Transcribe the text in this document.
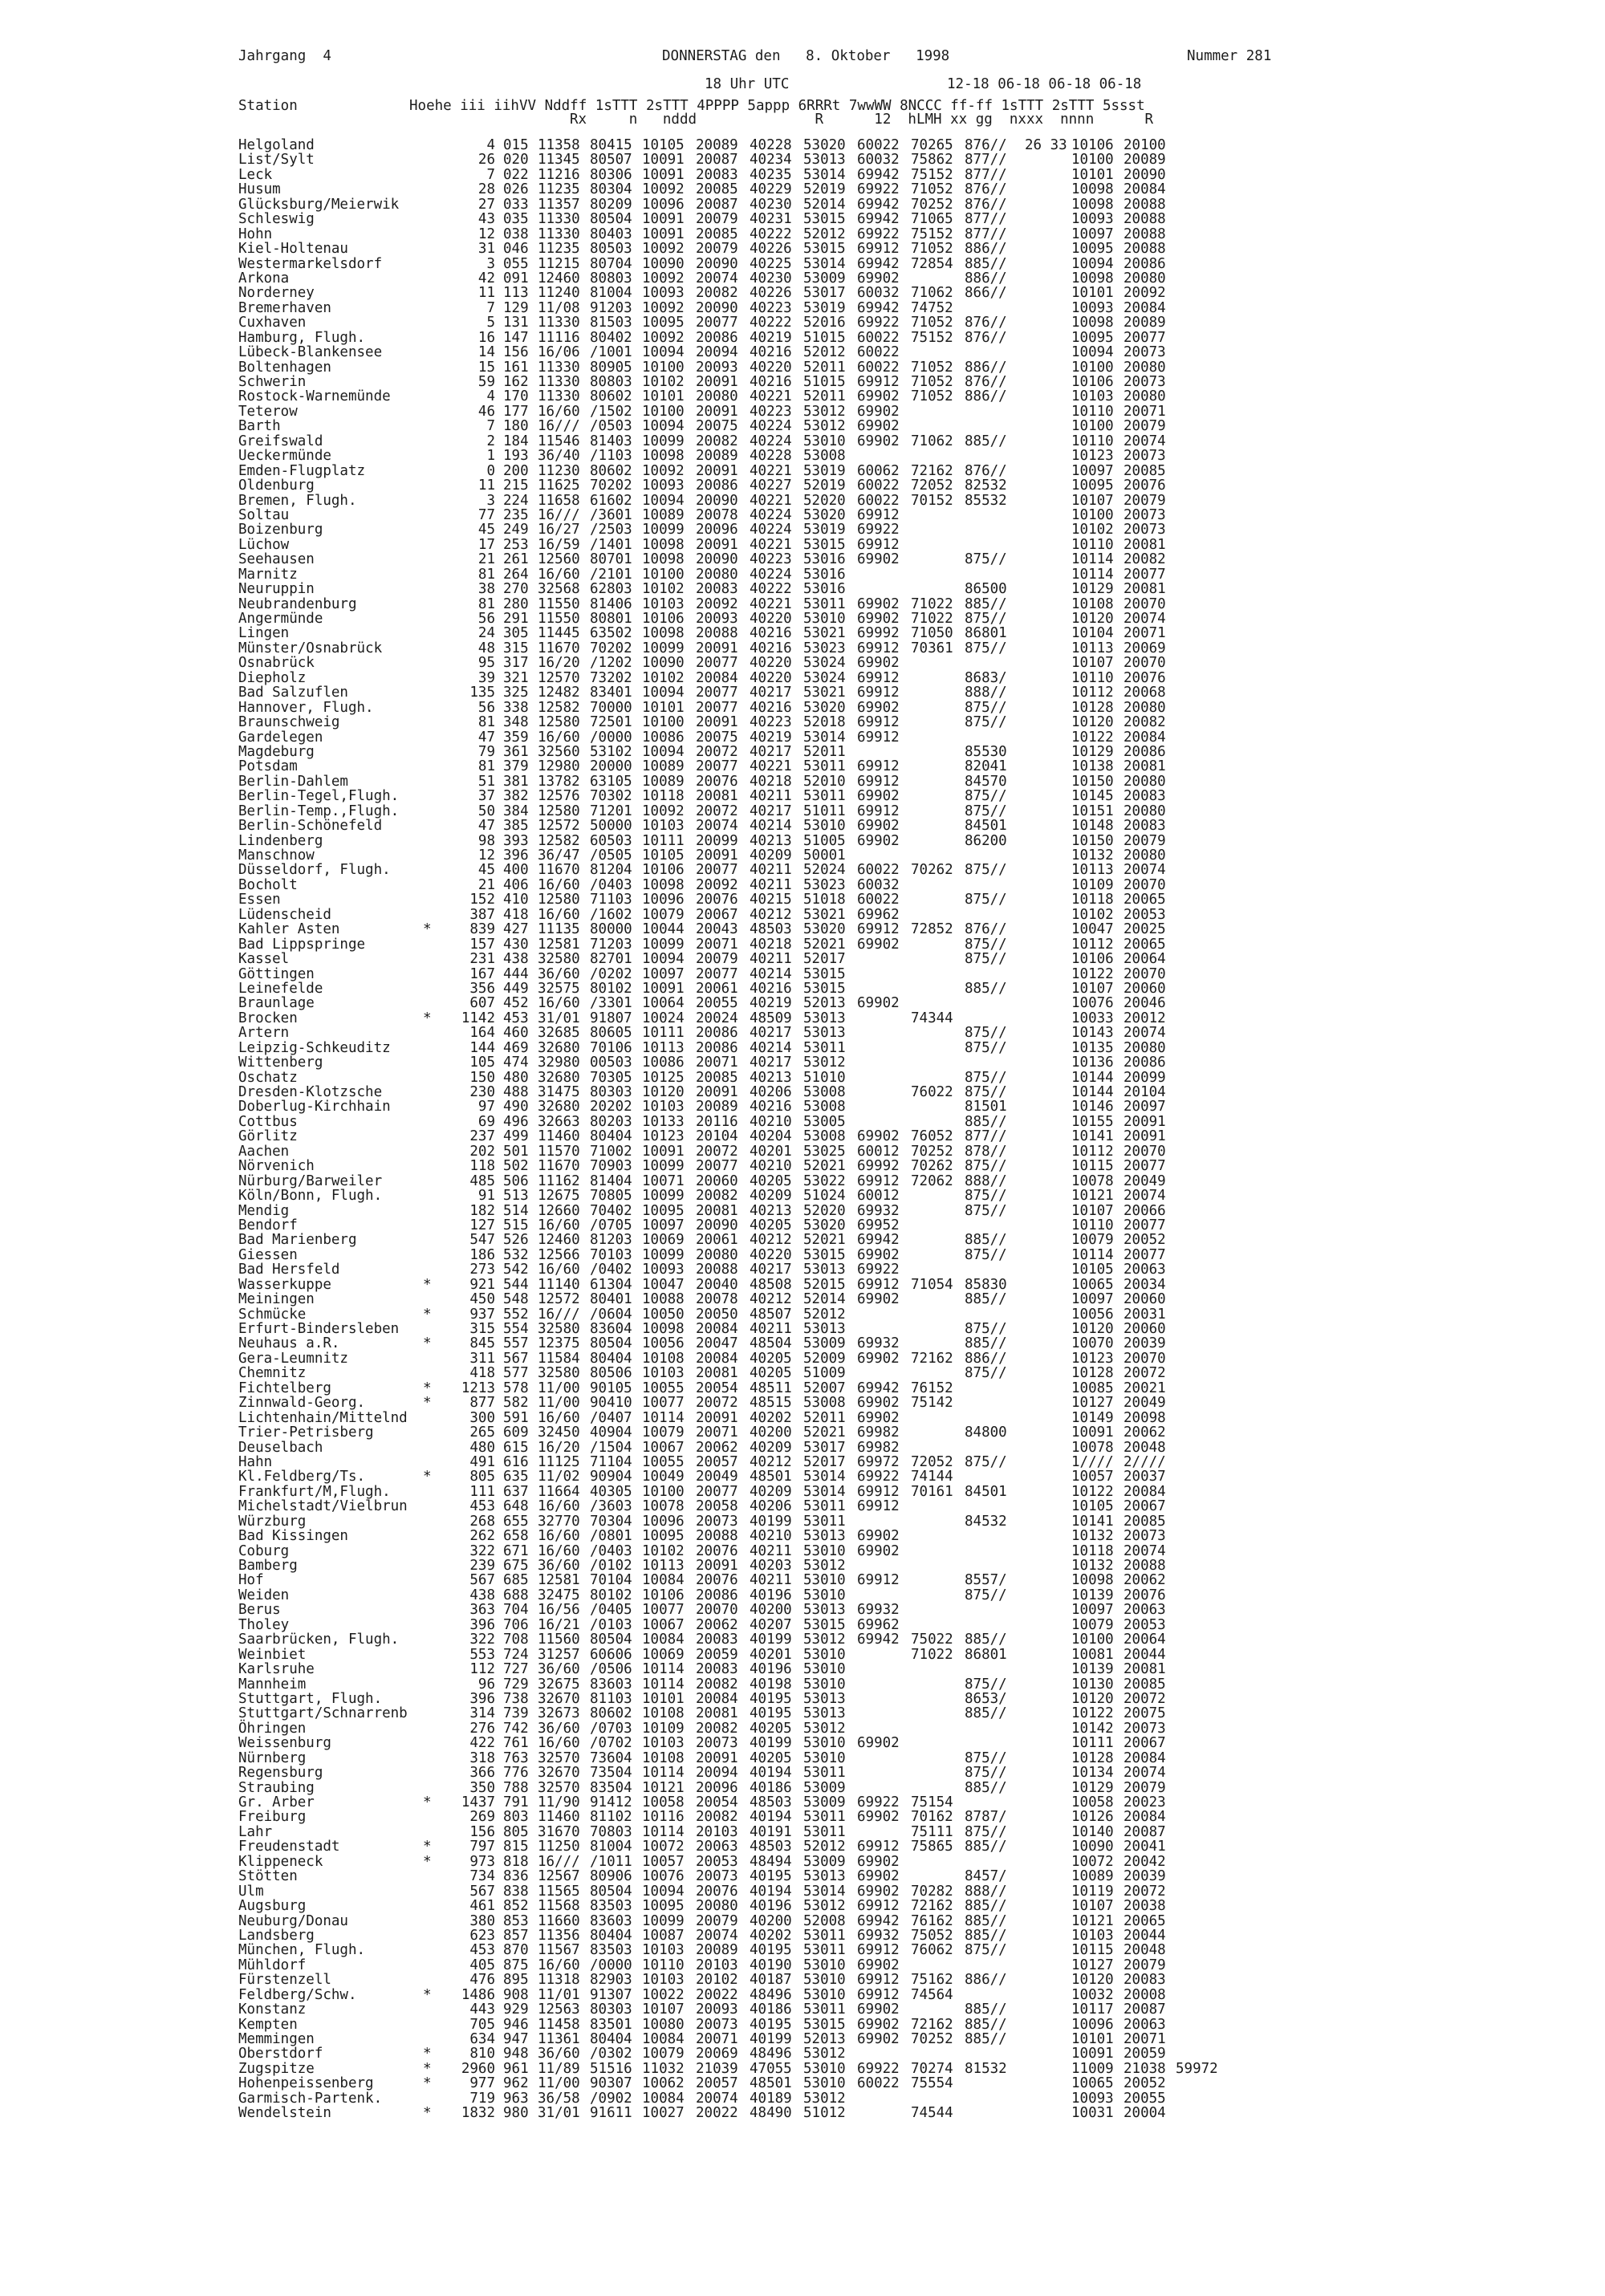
Jahrgang  4	DONNERSTAG den   8. Oktober   1998	Nummer 281
18 Uhr UTC	12-18 06-18 06-18 06-18
Station	Hoehe iii iihVV Nddff 1sTTT 2sTTT 4PPPP 5appp 6RRRt 7wwWW 8NCCC ff-ff 1sTTT 2sTTT 5ssst
Rx     n   nddd              R      12  hLMH xx gg  nxxx  nnnn      R
Helgoland	4 015 11358 80415 10105 20089 40228 53020 60022 70265 876// 26 33 10106 20100
List/Sylt	26 020 11345 80507 10091 20087 40234 53013 60032 75862 877//	10100 20089
Leck	7 022 11216 80306 10091 20083 40235 53014 69942 75152 877//	10101 20090
Husum	28 026 11235 80304 10092 20085 40229 52019 69922 71052 876//	10098 20084
Glücksburg/Meierwik	27 033 11357 80209 10096 20087 40230 52014 69942 70252 876//	10098 20088
Schleswig	43 035 11330 80504 10091 20079 40231 53015 69942 71065 877//	10093 20088
Hohn	12 038 11330 80403 10091 20085 40222 52012 69922 75152 877//	10097 20088
Kiel-Holtenau	31 046 11235 80503 10092 20079 40226 53015 69912 71052 886//	10095 20088
Westermarkelsdorf	3 055 11215 80704 10090 20090 40225 53014 69942 72854 885//	10094 20086
Arkona	42 091 12460 80803 10092 20074 40230 53009 69902	886//	10098 20080
Norderney	11 113 11240 81004 10093 20082 40226 53017 60032 71062 866//	10101 20092
Bremerhaven	7 129 11/08 91203 10092 20090 40223 53019 69942 74752	10093 20084
Cuxhaven	5 131 11330 81503 10095 20077 40222 52016 69922 71052 876//	10098 20089
Hamburg, Flugh.	16 147 11116 80402 10092 20086 40219 51015 60022 75152 876//	10095 20077
Lübeck-Blankensee	14 156 16/06 /1001 10094 20094 40216 52012 60022	10094 20073
Boltenhagen	15 161 11330 80905 10100 20093 40220 52011 60022 71052 886//	10100 20080
Schwerin	59 162 11330 80803 10102 20091 40216 51015 69912 71052 876//	10106 20073
Rostock-Warnemünde	4 170 11330 80602 10101 20080 40221 52011 69902 71052 886//	10103 20080
Teterow	46 177 16/60 /1502 10100 20091 40223 53012 69902	10110 20071
Barth	7 180 16/// /0503 10094 20075 40224 53012 69902	10100 20079
Greifswald	2 184 11546 81403 10099 20082 40224 53010 69902 71062 885//	10110 20074
Ueckermünde	1 193 36/40 /1103 10098 20089 40228 53008	10123 20073
Emden-Flugplatz	0 200 11230 80602 10092 20091 40221 53019 60062 72162 876//	10097 20085
Oldenburg	11 215 11625 70202 10093 20086 40227 52019 60022 72052 82532	10095 20076
Bremen, Flugh.	3 224 11658 61602 10094 20090 40221 52020 60022 70152 85532	10107 20079
Soltau	77 235 16/// /3601 10089 20078 40224 53020 69912	10100 20073
Boizenburg	45 249 16/27 /2503 10099 20096 40224 53019 69922	10102 20073
Lüchow	17 253 16/59 /1401 10098 20091 40221 53015 69912	10110 20081
Seehausen	21 261 12560 80701 10098 20090 40223 53016 69902	875//	10114 20082
Marnitz	81 264 16/60 /2101 10100 20080 40224 53016	10114 20077
Neuruppin	38 270 32568 62803 10102 20083 40222 53016	86500	10129 20081
Neubrandenburg	81 280 11550 81406 10103 20092 40221 53011 69902 71022 885//	10108 20070
Angermünde	56 291 11550 80801 10106 20093 40220 53010 69902 71022 875//	10120 20074
Lingen	24 305 11445 63502 10098 20088 40216 53021 69992 71050 86801	10104 20071
Münster/Osnabrück	48 315 11670 70202 10099 20091 40216 53023 69912 70361 875//	10113 20069
Osnabrück	95 317 16/20 /1202 10090 20077 40220 53024 69902	10107 20070
Diepholz	39 321 12570 73202 10102 20084 40220 53024 69912	8683/	10110 20076
Bad Salzuflen	135 325 12482 83401 10094 20077 40217 53021 69912	888//	10112 20068
Hannover, Flugh.	56 338 12582 70000 10101 20077 40216 53020 69902	875//	10128 20080
Braunschweig	81 348 12580 72501 10100 20091 40223 52018 69912	875//	10120 20082
Gardelegen	47 359 16/60 /0000 10086 20075 40219 53014 69912	10122 20084
Magdeburg	79 361 32560 53102 10094 20072 40217 52011	85530	10129 20086
Potsdam	81 379 12980 20000 10089 20077 40221 53011 69912	82041	10138 20081
Berlin-Dahlem	51 381 13782 63105 10089 20076 40218 52010 69912	84570	10150 20080
Berlin-Tegel,Flugh.	37 382 12576 70302 10118 20081 40211 53011 69902	875//	10145 20083
Berlin-Temp.,Flugh.	50 384 12580 71201 10092 20072 40217 51011 69912	875//	10151 20080
Berlin-Schönefeld	47 385 12572 50000 10103 20074 40214 53010 69902	84501	10148 20083
Lindenberg	98 393 12582 60503 10111 20099 40213 51005 69902	86200	10150 20079
Manschnow	12 396 36/47 /0505 10105 20091 40209 50001	10132 20080
Düsseldorf, Flugh.	45 400 11670 81204 10106 20077 40211 52024 60022 70262 875//	10113 20074
Bocholt	21 406 16/60 /0403 10098 20092 40211 53023 60032	10109 20070
Essen	152 410 12580 71103 10096 20076 40215 51018 60022	875//	10118 20065
Lüdenscheid	387 418 16/60 /1602 10079 20067 40212 53021 69962	10102 20053
Kahler Asten	*	839 427 11135 80000 10044 20043 48503 53020 69912 72852 876//	10047 20025
Bad Lippspringe	157 430 12581 71203 10099 20071 40218 52021 69902	875//	10112 20065
Kassel	231 438 32580 82701 10094 20079 40211 52017	875//	10106 20064
Göttingen	167 444 36/60 /0202 10097 20077 40214 53015	10122 20070
Leinefelde	356 449 32575 80102 10091 20061 40216 53015	885//	10107 20060
Braunlage	607 452 16/60 /3301 10064 20055 40219 52013 69902	10076 20046
Brocken	*	1142 453 31/01 91807 10024 20024 48509 53013	74344	10033 20012
Artern	164 460 32685 80605 10111 20086 40217 53013	875//	10143 20074
Leipzig-Schkeuditz	144 469 32680 70106 10113 20086 40214 53011	875//	10135 20080
Wittenberg	105 474 32980 00503 10086 20071 40217 53012	10136 20086
Oschatz	150 480 32680 70305 10125 20085 40213 51010	875//	10144 20099
Dresden-Klotzsche	230 488 31475 80303 10120 20091 40206 53008	76022 875//	10144 20104
Doberlug-Kirchhain	97 490 32680 20202 10103 20089 40216 53008	81501	10146 20097
Cottbus	69 496 32663 80203 10133 20116 40210 53005	885//	10155 20091
Görlitz	237 499 11460 80404 10123 20104 40204 53008 69902 76052 877//	10141 20091
Aachen	202 501 11570 71002 10091 20072 40201 53025 60012 70252 878//	10112 20070
Nörvenich	118 502 11670 70903 10099 20077 40210 52021 69992 70262 875//	10115 20077
Nürburg/Barweiler	485 506 11162 81404 10071 20060 40205 53022 69912 72062 888//	10078 20049
Köln/Bonn, Flugh.	91 513 12675 70805 10099 20082 40209 51024 60012	875//	10121 20074
Mendig	182 514 12660 70402 10095 20081 40213 52020 69932	875//	10107 20066
Bendorf	127 515 16/60 /0705 10097 20090 40205 53020 69952	10110 20077
Bad Marienberg	547 526 12460 81203 10069 20061 40212 52021 69942	885//	10079 20052
Giessen	186 532 12566 70103 10099 20080 40220 53015 69902	875//	10114 20077
Bad Hersfeld	273 542 16/60 /0402 10093 20088 40217 53013 69922	10105 20063
Wasserkuppe	*	921 544 11140 61304 10047 20040 48508 52015 69912 71054 85830	10065 20034
Meiningen	450 548 12572 80401 10088 20078 40212 52014 69902	885//	10097 20060
Schmücke	*	937 552 16/// /0604 10050 20050 48507 52012	10056 20031
Erfurt-Bindersleben	315 554 32580 83604 10098 20084 40211 53013	875//	10120 20060
Neuhaus a.R.	*	845 557 12375 80504 10056 20047 48504 53009 69932	885//	10070 20039
Gera-Leumnitz	311 567 11584 80404 10108 20084 40205 52009 69902 72162 886//	10123 20070
Chemnitz	418 577 32580 80506 10103 20081 40205 51009	875//	10128 20072
Fichtelberg	*	1213 578 11/00 90105 10055 20054 48511 52007 69942 76152	10085 20021
Zinnwald-Georg.	*	877 582 11/00 90410 10077 20072 48515 53008 69902 75142	10127 20049
Lichtenhain/Mittelnd	300 591 16/60 /0407 10114 20091 40202 52011 69902	10149 20098
Trier-Petrisberg	265 609 32450 40904 10079 20071 40200 52021 69982	84800	10091 20062
Deuselbach	480 615 16/20 /1504 10067 20062 40209 53017 69982	10078 20048
Hahn	491 616 11125 71104 10055 20057 40212 52017 69972 72052 875//	1//// 2////
Kl.Feldberg/Ts.	*	805 635 11/02 90904 10049 20049 48501 53014 69922 74144	10057 20037
Frankfurt/M,Flugh.	111 637 11664 40305 10100 20077 40209 53014 69912 70161 84501	10122 20084
Michelstadt/Vielbrun	453 648 16/60 /3603 10078 20058 40206 53011 69912	10105 20067
Würzburg	268 655 32770 70304 10096 20073 40199 53011	84532	10141 20085
Bad Kissingen	262 658 16/60 /0801 10095 20088 40210 53013 69902	10132 20073
Coburg	322 671 16/60 /0403 10102 20076 40211 53010 69902	10118 20074
Bamberg	239 675 36/60 /0102 10113 20091 40203 53012	10132 20088
Hof	567 685 12581 70104 10084 20076 40211 53010 69912	8557/	10098 20062
Weiden	438 688 32475 80102 10106 20086 40196 53010	875//	10139 20076
Berus	363 704 16/56 /0405 10077 20070 40200 53013 69932	10097 20063
Tholey	396 706 16/21 /0103 10067 20062 40207 53015 69962	10079 20053
Saarbrücken, Flugh.	322 708 11560 80504 10084 20083 40199 53012 69942 75022 885//	10100 20064
Weinbiet	553 724 31257 60606 10069 20059 40201 53010	71022 86801	10081 20044
Karlsruhe	112 727 36/60 /0506 10114 20083 40196 53010	10139 20081
Mannheim	96 729 32675 83603 10114 20082 40198 53010	875//	10130 20085
Stuttgart, Flugh.	396 738 32670 81103 10101 20084 40195 53013	8653/	10120 20072
Stuttgart/Schnarrenb	314 739 32673 80602 10108 20081 40195 53013	885//	10122 20075
Öhringen	276 742 36/60 /0703 10109 20082 40205 53012	10142 20073
Weissenburg	422 761 16/60 /0702 10103 20073 40199 53010 69902	10111 20067
Nürnberg	318 763 32570 73604 10108 20091 40205 53010	875//	10128 20084
Regensburg	366 776 32670 73504 10114 20094 40194 53011	875//	10134 20074
Straubing	350 788 32570 83504 10121 20096 40186 53009	885//	10129 20079
Gr. Arber	*	1437 791 11/90 91412 10058 20054 48503 53009 69922 75154	10058 20023
Freiburg	269 803 11460 81102 10116 20082 40194 53011 69902 70162 8787/	10126 20084
Lahr	156 805 31670 70803 10114 20103 40191 53011	75111 875//	10140 20087
Freudenstadt	*	797 815 11250 81004 10072 20063 48503 52012 69912 75865 885//	10090 20041
Klippeneck	*	973 818 16/// /1011 10057 20053 48494 53009 69902	10072 20042
Stötten	734 836 12567 80906 10076 20073 40195 53013 69902	8457/	10089 20039
Ulm	567 838 11565 80504 10094 20076 40194 53014 69902 70282 888//	10119 20072
Augsburg	461 852 11568 83503 10095 20080 40196 53012 69912 72162 885//	10107 20038
Neuburg/Donau	380 853 11660 83603 10099 20079 40200 52008 69942 76162 885//	10121 20065
Landsberg	623 857 11356 80404 10087 20074 40202 53011 69932 75052 885//	10103 20044
München, Flugh.	453 870 11567 83503 10103 20089 40195 53011 69912 76062 875//	10115 20048
Mühldorf	405 875 16/60 /0000 10110 20103 40190 53010 69902	10127 20079
Fürstenzell	476 895 11318 82903 10103 20102 40187 53010 69912 75162 886//	10120 20083
Feldberg/Schw.	*	1486 908 11/01 91307 10022 20022 48496 53010 69912 74564	10032 20008
Konstanz	443 929 12563 80303 10107 20093 40186 53011 69902	885//	10117 20087
Kempten	705 946 11458 83501 10080 20073 40195 53015 69902 72162 885//	10096 20063
Memmingen	634 947 11361 80404 10084 20071 40199 52013 69902 70252 885//	10101 20071
Oberstdorf	*	810 948 36/60 /0302 10079 20069 48496 53012	10091 20059
Zugspitze	*	2960 961 11/89 51516 11032 21039 47055 53010 69922 70274 81532	11009 21038 59972
Hohenpeissenberg	*	977 962 11/00 90307 10062 20057 48501 53010 60022 75554	10065 20052
Garmisch-Partenk.	719 963 36/58 /0902 10084 20074 40189 53012	10093 20055
Wendelstein	*	1832 980 31/01 91611 10027 20022 48490 51012	74544	10031 20004
